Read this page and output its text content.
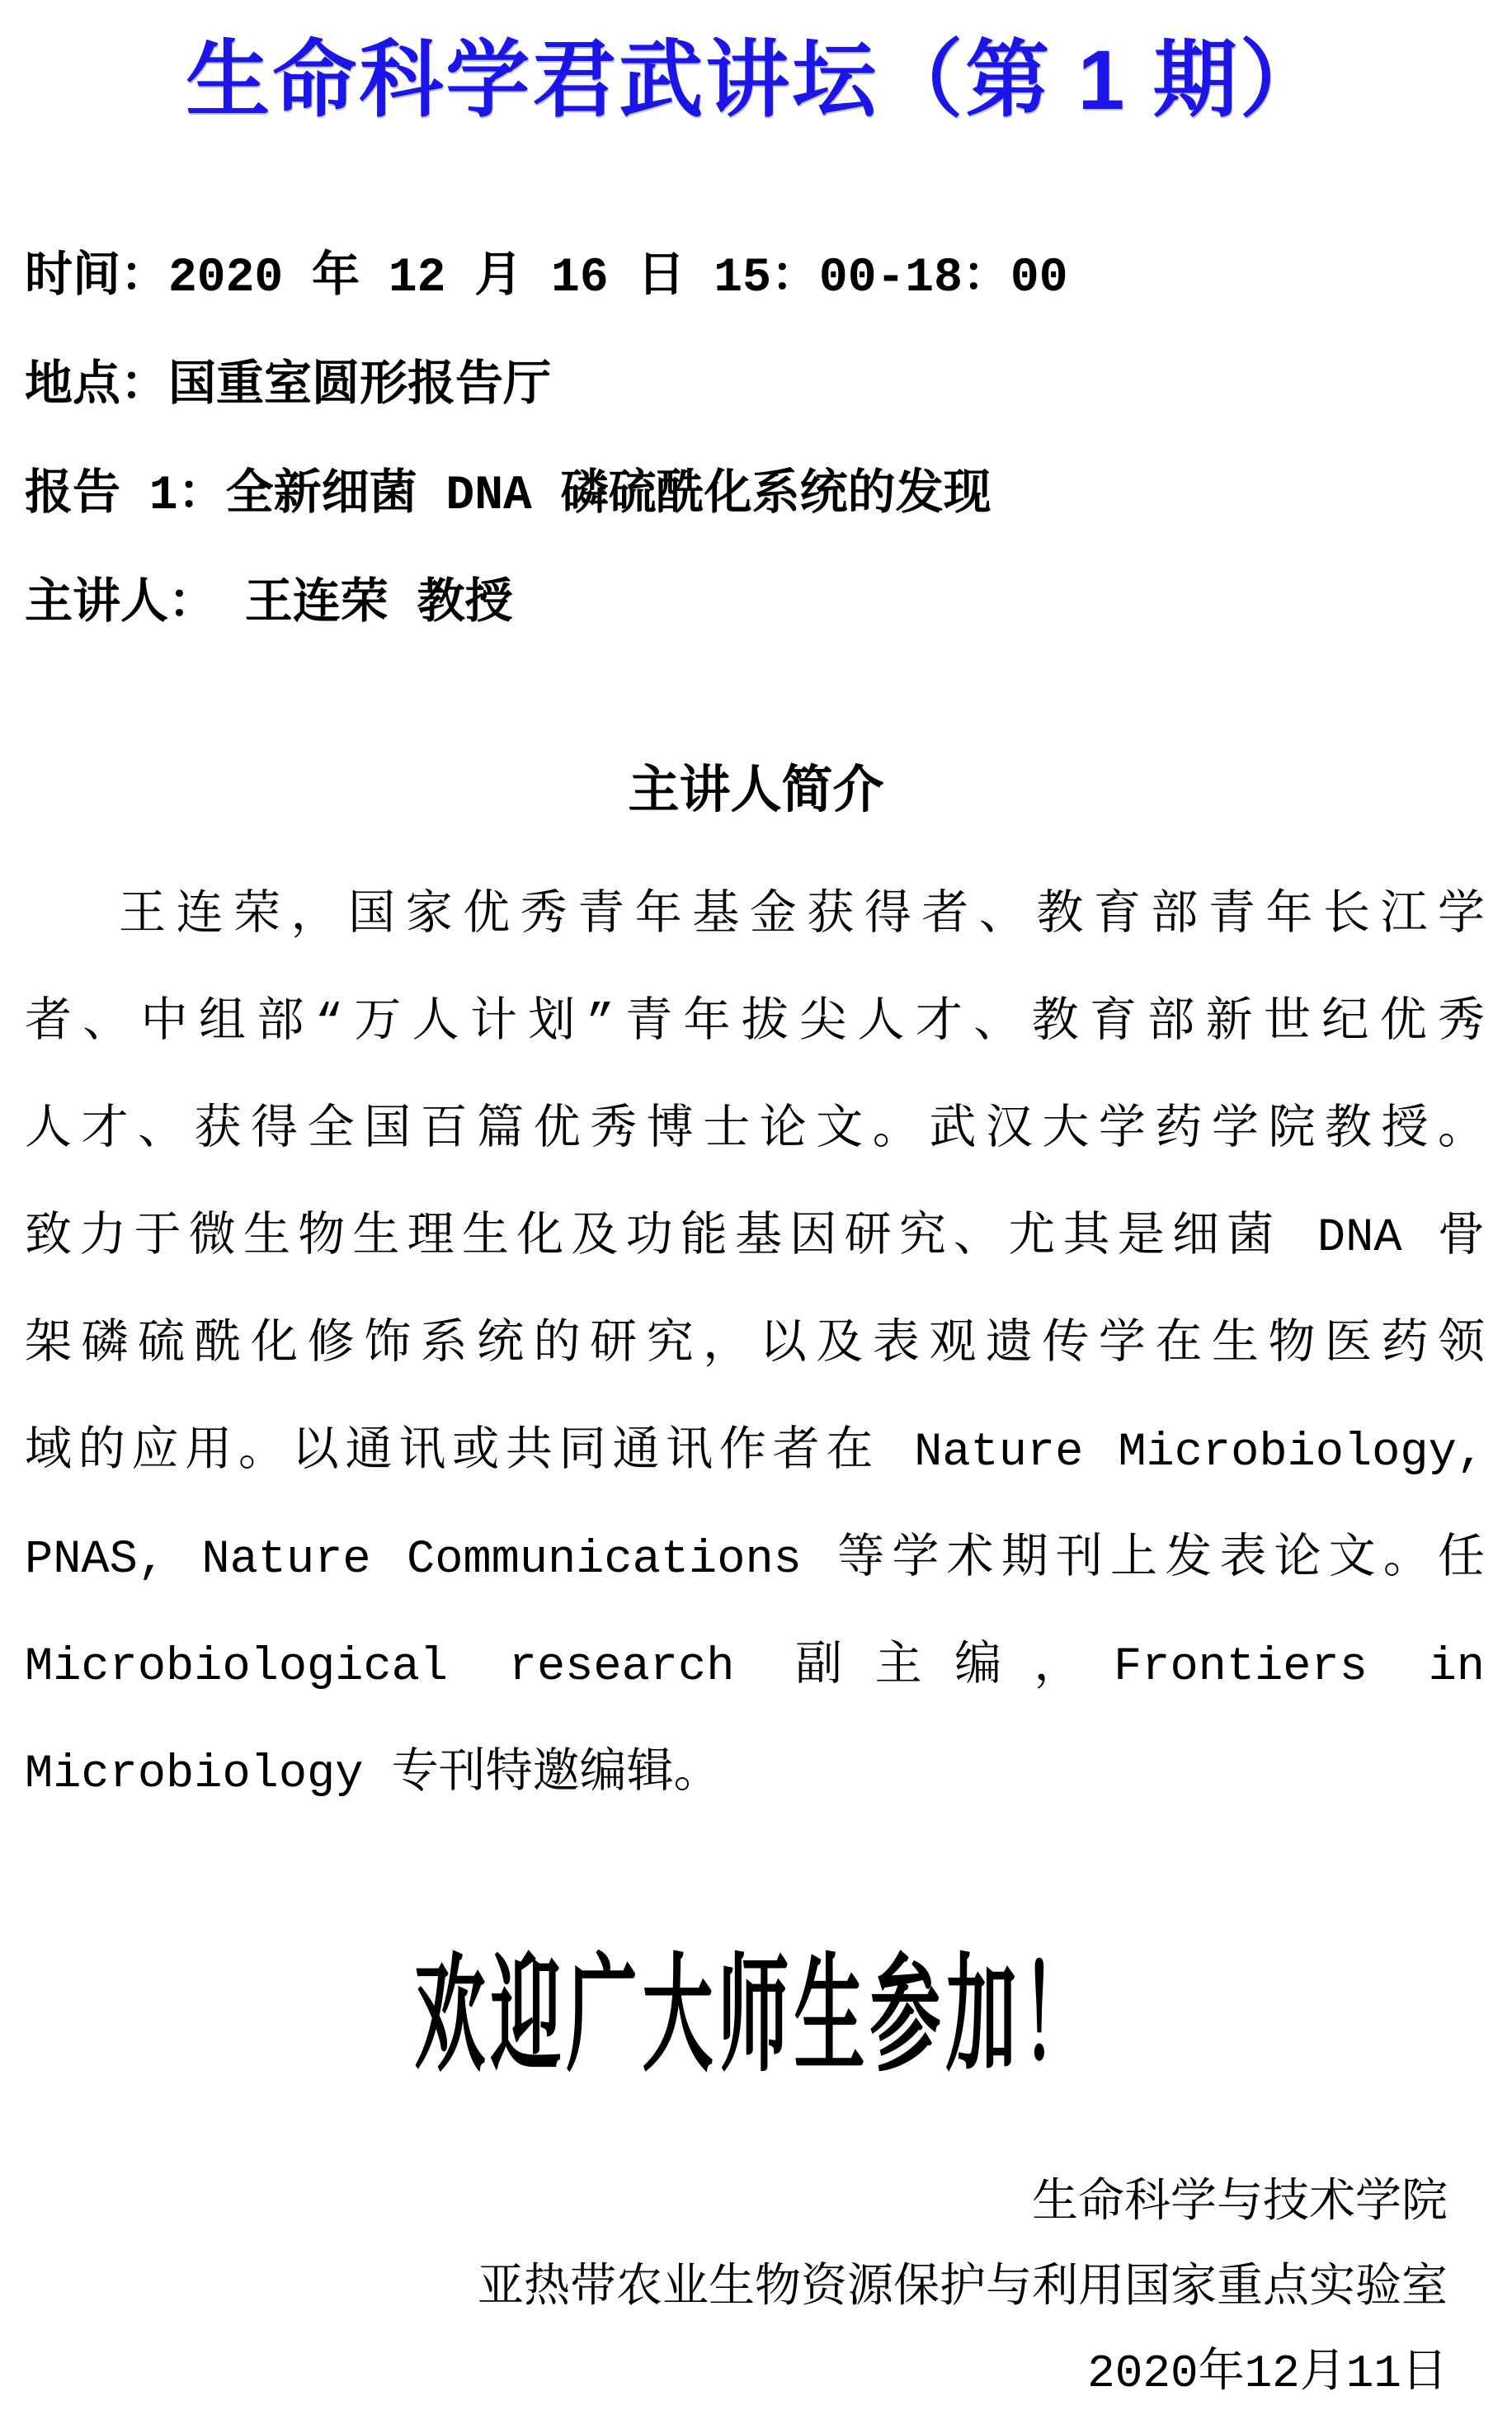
生命科学君武讲坛（第 1 期）
时间：2020 年 12 月 16 日 15：00-18：00
地点：国重室圆形报告厅
报告 1：全新细菌 DNA 磷硫酰化系统的发现
主讲人： 王连荣 教授
主讲人简介
王连荣，国家优秀青年基金获得者、教育部青年长江学
者、中组部“万人计划”青年拔尖人才、教育部新世纪优秀
人才、获得全国百篇优秀博士论文。武汉大学药学院教授。
致力于微生物生理生化及功能基因研究、尤其是细菌 DNA 骨
架磷硫酰化修饰系统的研究，以及表观遗传学在生物医药领
域的应用。以通讯或共同通讯作者在 Nature Microbiology,
PNAS, Nature Communications 等学术期刊上发表论文。任
Microbiological research 副主编，Frontiers in
Microbiology 专刊特邀编辑。
欢迎广大师生参加！
生命科学与技术学院
亚热带农业生物资源保护与利用国家重点实验室
2020年12月11日
